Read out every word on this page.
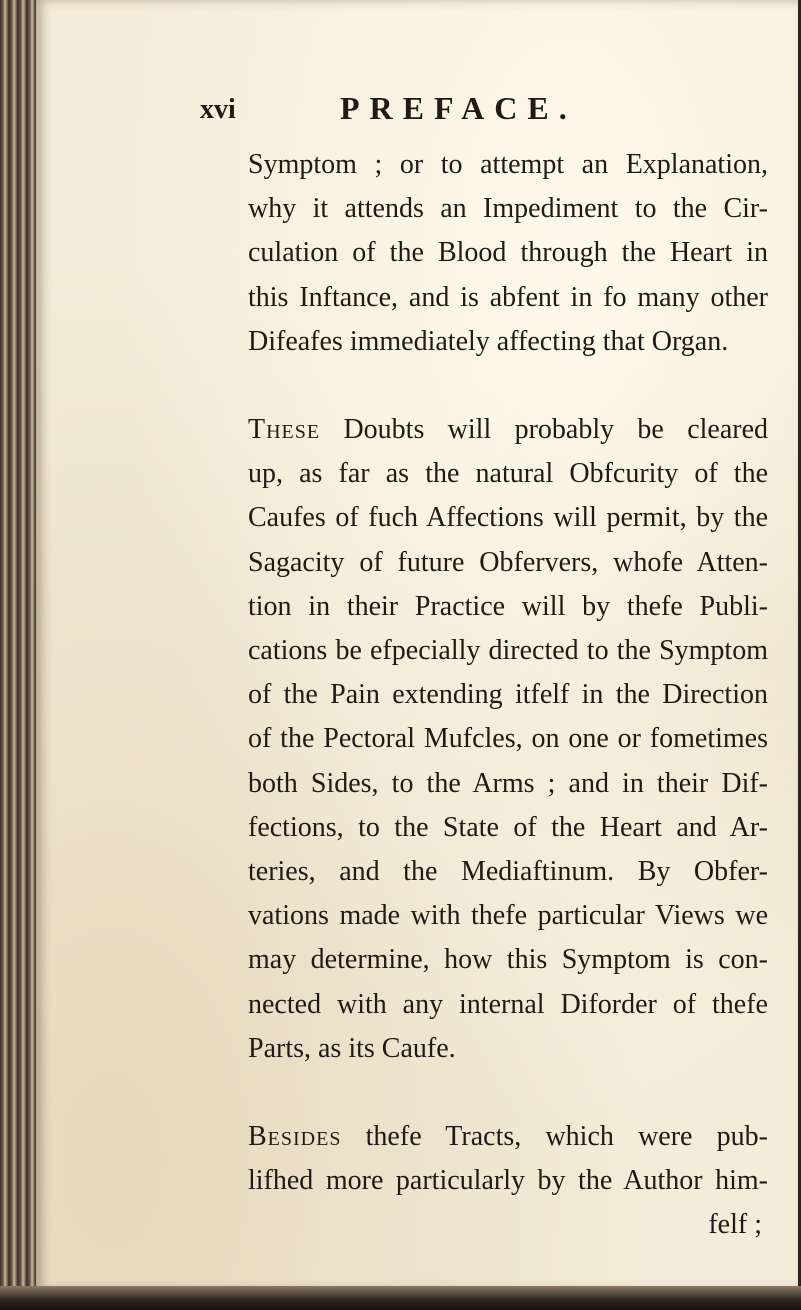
xvi	PREFACE.
Symptom ; or to attempt an Explanation,
why it attends an Impediment to the Cir-
culation of the Blood through the Heart in
this Inftance, and is abfent in fo many other
Difeafes immediately affecting that Organ.
These Doubts will probably be cleared
up, as far as the natural Obfcurity of the
Caufes of fuch Affections will permit, by the
Sagacity of future Obfervers, whofe Atten-
tion in their Practice will by thefe Publi-
cations be efpecially directed to the Symptom
of the Pain extending itfelf in the Direction
of the Pectoral Mufcles, on one or fometimes
both Sides, to the Arms ; and in their Dif-
fections, to the State of the Heart and Ar-
teries, and the Mediaftinum. By Obfer-
vations made with thefe particular Views we
may determine, how this Symptom is con-
nected with any internal Diforder of thefe
Parts, as its Caufe.
Besides thefe Tracts, which were pub-
lifhed more particularly by the Author him-
felf ;
